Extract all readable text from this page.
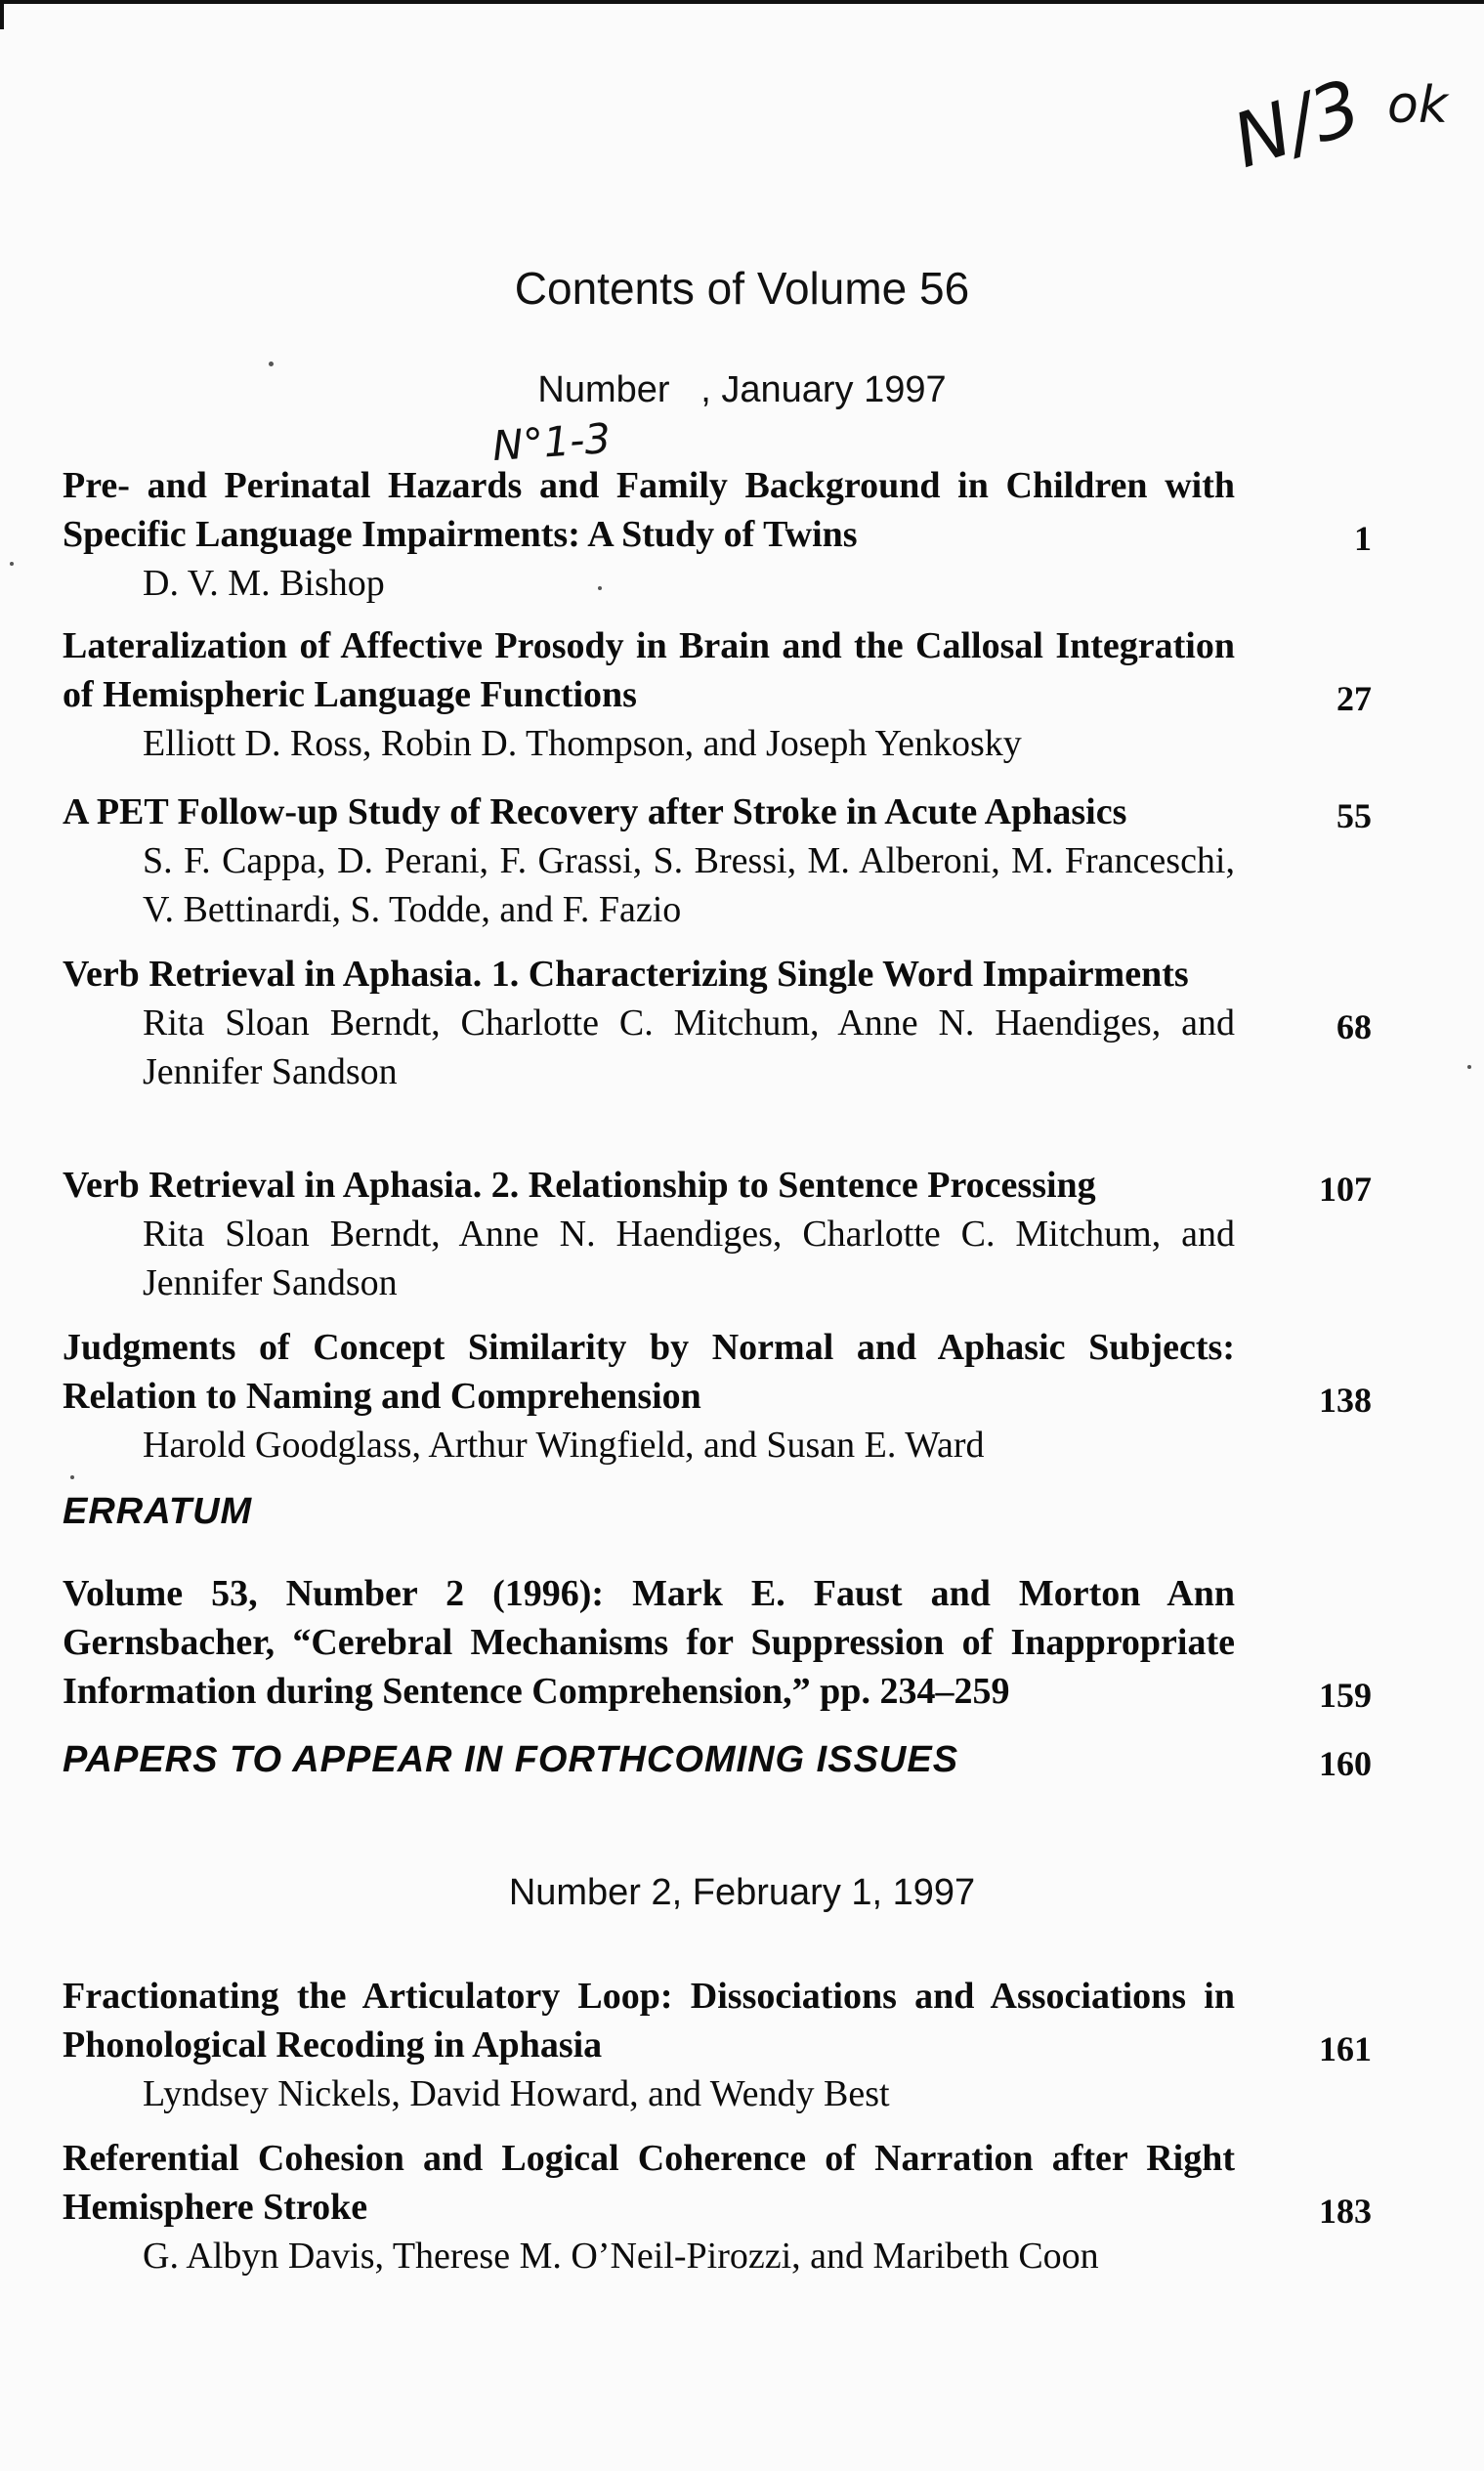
N/3 ok
N°1-3
Contents of Volume 56
Number   , January 1997
Pre- and Perinatal Hazards and Family Background in Children with Specific Language Impairments: A Study of Twins
D. V. M. Bishop
1
Lateralization of Affective Prosody in Brain and the Callosal Integration of Hemispheric Language Functions
Elliott D. Ross, Robin D. Thompson, and Joseph Yenkosky
27
A PET Follow-up Study of Recovery after Stroke in Acute Aphasics
S. F. Cappa, D. Perani, F. Grassi, S. Bressi, M. Alberoni, M. Franceschi, V. Bettinardi, S. Todde, and F. Fazio
55
Verb Retrieval in Aphasia. 1. Characterizing Single Word Impairments
Rita Sloan Berndt, Charlotte C. Mitchum, Anne N. Haendiges, and Jennifer Sandson
68
Verb Retrieval in Aphasia. 2. Relationship to Sentence Processing
Rita Sloan Berndt, Anne N. Haendiges, Charlotte C. Mitchum, and Jennifer Sandson
107
Judgments of Concept Similarity by Normal and Aphasic Subjects: Relation to Naming and Comprehension
Harold Goodglass, Arthur Wingfield, and Susan E. Ward
138
ERRATUM
Volume 53, Number 2 (1996): Mark E. Faust and Morton Ann Gernsbacher, “Cerebral Mechanisms for Suppression of Inappropriate Information during Sentence Comprehension,” pp. 234–259	159
PAPERS TO APPEAR IN FORTHCOMING ISSUES	160
Number 2, February 1, 1997
Fractionating the Articulatory Loop: Dissociations and Associations in Phonological Recoding in Aphasia
Lyndsey Nickels, David Howard, and Wendy Best
161
Referential Cohesion and Logical Coherence of Narration after Right Hemisphere Stroke
G. Albyn Davis, Therese M. O’Neil-Pirozzi, and Maribeth Coon
183
